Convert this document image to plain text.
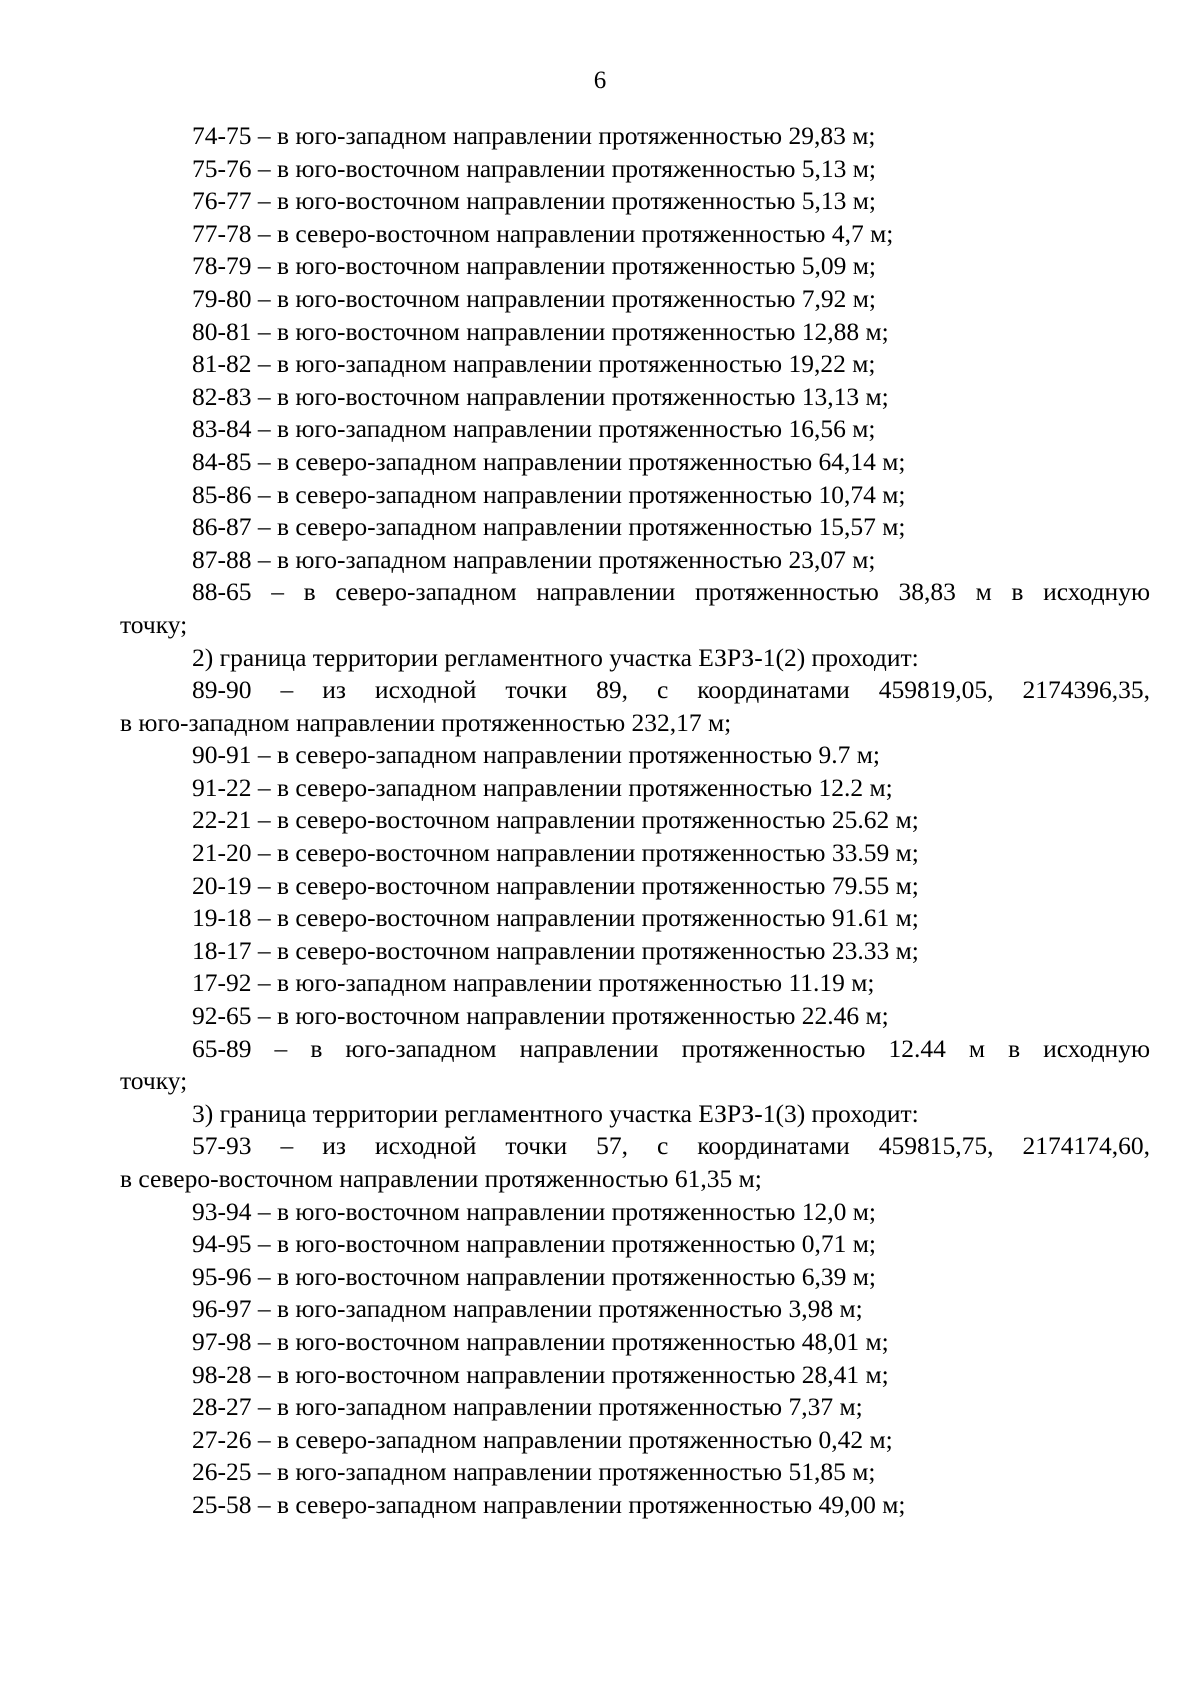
6
74-75 – в юго-западном направлении протяженностью 29,83 м;
75-76 – в юго-восточном направлении протяженностью 5,13 м;
76-77 – в юго-восточном направлении протяженностью 5,13 м;
77-78 – в северо-восточном направлении протяженностью 4,7 м;
78-79 – в юго-восточном направлении протяженностью 5,09 м;
79-80 – в юго-восточном направлении протяженностью 7,92 м;
80-81 – в юго-восточном направлении протяженностью 12,88 м;
81-82 – в юго-западном направлении протяженностью 19,22 м;
82-83 – в юго-восточном направлении протяженностью 13,13 м;
83-84 – в юго-западном направлении протяженностью 16,56 м;
84-85 – в северо-западном направлении протяженностью 64,14 м;
85-86 – в северо-западном направлении протяженностью 10,74 м;
86-87 – в северо-западном направлении протяженностью 15,57 м;
87-88 – в юго-западном направлении протяженностью 23,07 м;
88-65 – в северо-западном направлении протяженностью 38,83 м в исходную
точку;
2) граница территории регламентного участка ЕЗРЗ-1(2) проходит:
89-90 – из исходной точки 89, с координатами 459819,05, 2174396,35,
в юго-западном направлении протяженностью 232,17 м;
90-91 – в северо-западном направлении протяженностью 9.7 м;
91-22 – в северо-западном направлении протяженностью 12.2 м;
22-21 – в северо-восточном направлении протяженностью 25.62 м;
21-20 – в северо-восточном направлении протяженностью 33.59 м;
20-19 – в северо-восточном направлении протяженностью 79.55 м;
19-18 – в северо-восточном направлении протяженностью 91.61 м;
18-17 – в северо-восточном направлении протяженностью 23.33 м;
17-92 – в юго-западном направлении протяженностью 11.19 м;
92-65 – в юго-восточном направлении протяженностью 22.46 м;
65-89 – в юго-западном направлении протяженностью 12.44 м в исходную
точку;
3) граница территории регламентного участка ЕЗРЗ-1(3) проходит:
57-93 – из исходной точки 57, с координатами 459815,75, 2174174,60,
в северо-восточном направлении протяженностью 61,35 м;
93-94 – в юго-восточном направлении протяженностью 12,0 м;
94-95 – в юго-восточном направлении протяженностью 0,71 м;
95-96 – в юго-восточном направлении протяженностью 6,39 м;
96-97 – в юго-западном направлении протяженностью 3,98 м;
97-98 – в юго-восточном направлении протяженностью 48,01 м;
98-28 – в юго-восточном направлении протяженностью 28,41 м;
28-27 – в юго-западном направлении протяженностью 7,37 м;
27-26 – в северо-западном направлении протяженностью 0,42 м;
26-25 – в юго-западном направлении протяженностью 51,85 м;
25-58 – в северо-западном направлении протяженностью 49,00 м;
